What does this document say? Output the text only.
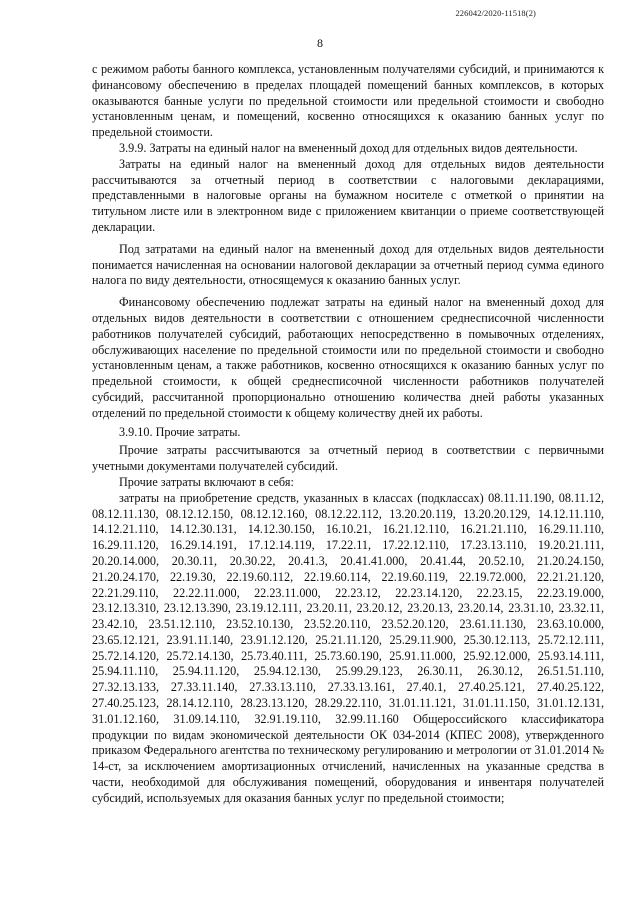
226042/2020-11518(2)
8

с режимом работы банного комплекса, установленным получателями субсидий, и принимаются к финансовому обеспечению в пределах площадей помещений банных комплексов, в которых оказываются банные услуги по предельной стоимости или предельной стоимости и свободно установленным ценам, и помещений, косвенно относящихся к оказанию банных услуг по предельной стоимости.

3.9.9. Затраты на единый налог на вмененный доход для отдельных видов деятельности.

Затраты на единый налог на вмененный доход для отдельных видов деятельности рассчитываются за отчетный период в соответствии с налоговыми декларациями, представленными в налоговые органы на бумажном носителе с отметкой о принятии на титульном листе или в электронном виде с приложением квитанции о приеме соответствующей декларации.

Под затратами на единый налог на вмененный доход для отдельных видов деятельности понимается начисленная на основании налоговой декларации за отчетный период сумма единого налога по виду деятельности, относящемуся к оказанию банных услуг.

Финансовому обеспечению подлежат затраты на единый налог на вмененный доход для отдельных видов деятельности в соответствии с отношением среднесписочной численности работников получателей субсидий, работающих непосредственно в помывочных отделениях, обслуживающих население по предельной стоимости или по предельной стоимости и свободно установленным ценам, а также работников, косвенно относящихся к оказанию банных услуг по предельной стоимости, к общей среднесписочной численности работников получателей субсидий, рассчитанной пропорционально отношению количества дней работы указанных отделений по предельной стоимости к общему количеству дней их работы.

3.9.10. Прочие затраты.

Прочие затраты рассчитываются за отчетный период в соответствии с первичными учетными документами получателей субсидий.

Прочие затраты включают в себя:

затраты на приобретение средств, указанных в классах (подклассах) 08.11.11.190, 08.11.12, 08.12.11.130, 08.12.12.150, 08.12.12.160, 08.12.22.112, 13.20.20.119, 13.20.20.129, 14.12.11.110, 14.12.21.110, 14.12.30.131, 14.12.30.150, 16.10.21, 16.21.12.110, 16.21.21.110, 16.29.11.110, 16.29.11.120, 16.29.14.191, 17.12.14.119, 17.22.11, 17.22.12.110, 17.23.13.110, 19.20.21.111, 20.20.14.000, 20.30.11, 20.30.22, 20.41.3, 20.41.41.000, 20.41.44, 20.52.10, 21.20.24.150, 21.20.24.170, 22.19.30, 22.19.60.112, 22.19.60.114, 22.19.60.119, 22.19.72.000, 22.21.21.120, 22.21.29.110, 22.22.11.000, 22.23.11.000, 22.23.12, 22.23.14.120, 22.23.15, 22.23.19.000, 23.12.13.310, 23.12.13.390, 23.19.12.111, 23.20.11, 23.20.12, 23.20.13, 23.20.14, 23.31.10, 23.32.11, 23.42.10, 23.51.12.110, 23.52.10.130, 23.52.20.110, 23.52.20.120, 23.61.11.130, 23.63.10.000, 23.65.12.121, 23.91.11.140, 23.91.12.120, 25.21.11.120, 25.29.11.900, 25.30.12.113, 25.72.12.111, 25.72.14.120, 25.72.14.130, 25.73.40.111, 25.73.60.190, 25.91.11.000, 25.92.12.000, 25.93.14.111, 25.94.11.110, 25.94.11.120, 25.94.12.130, 25.99.29.123, 26.30.11, 26.30.12, 26.51.51.110, 27.32.13.133, 27.33.11.140, 27.33.13.110, 27.33.13.161, 27.40.1, 27.40.25.121, 27.40.25.122, 27.40.25.123, 28.14.12.110, 28.23.13.120, 28.29.22.110, 31.01.11.121, 31.01.11.150, 31.01.12.131, 31.01.12.160, 31.09.14.110, 32.91.19.110, 32.99.11.160 Общероссийского классификатора продукции по видам экономической деятельности ОК 034-2014 (КПЕС 2008), утвержденного приказом Федерального агентства по техническому регулированию и метрологии от 31.01.2014 № 14-ст, за исключением амортизационных отчислений, начисленных на указанные средства в части, необходимой для обслуживания помещений, оборудования и инвентаря получателей субсидий, используемых для оказания банных услуг по предельной стоимости;
